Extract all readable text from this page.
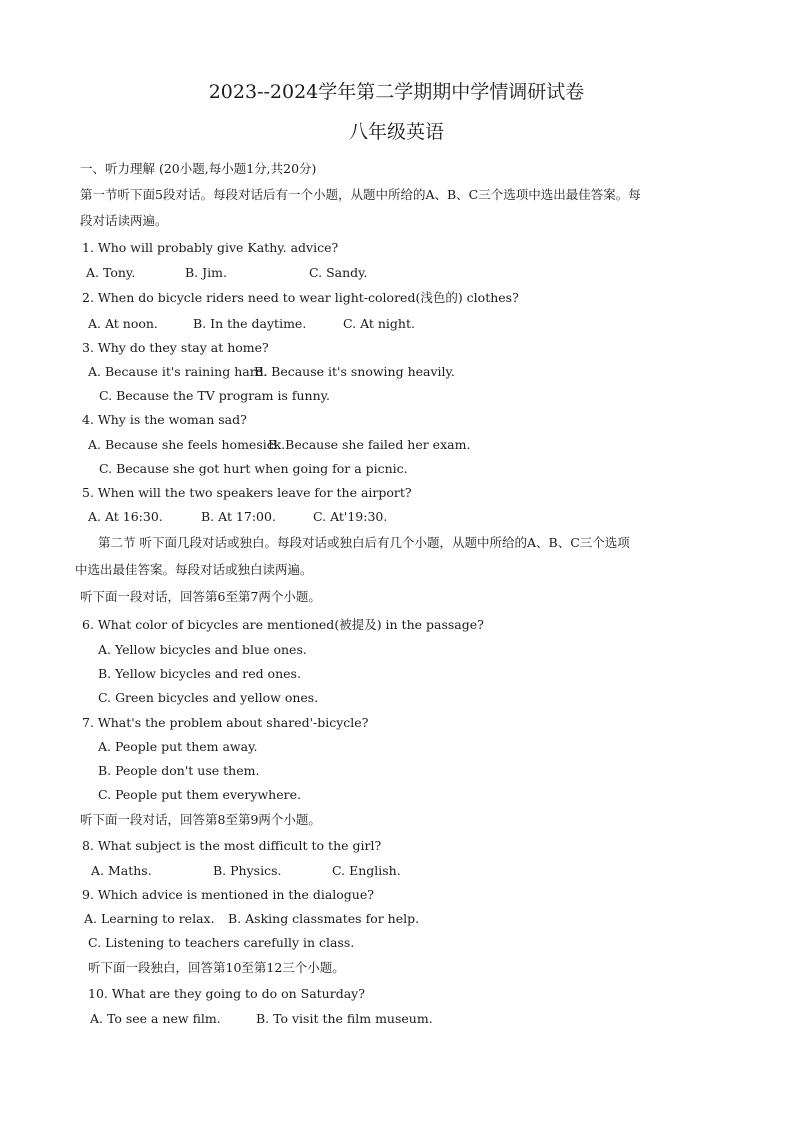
2023--2024学年第二学期期中学情调研试卷
八年级英语
一、听力理解 (20小题,每小题1分,共20分)
第一节听下面5段对话。每段对话后有一个小题，从题中所给的A、B、C三个选项中选出最佳答案。每
段对话读两遍。
1. Who will probably give Kathy. advice?
A. Tony.	B. Jim.	C. Sandy.
2. When do bicycle riders need to wear light-colored(浅色的) clothes?
A. At noon.	B. In the daytime.	C. At night.
3. Why do they stay at home?
A. Because it's raining hard.
B. Because it's snowing heavily.
C. Because the TV program is funny.
4. Why is the woman sad?
A. Because she feels homesick.
B. Because she failed her exam.
C. Because she got hurt when going for a picnic.
5. When will the two speakers leave for the airport?
A. At 16:30.	B. At 17:00.	C. At'19:30.
第二节 听下面几段对话或独白。每段对话或独白后有几个小题，从题中所给的A、B、C三个选项
中选出最佳答案。每段对话或独白读两遍。
听下面一段对话，回答第6至第7两个小题。
6. What color of bicycles are mentioned(被提及) in the passage?
A. Yellow bicycles and blue ones.
B. Yellow bicycles and red ones.
C. Green bicycles and yellow ones.
7. What's the problem about shared'-bicycle?
A. People put them away.
B. People don't use them.
C. People put them everywhere.
听下面一段对话，回答第8至第9两个小题。
8. What subject is the most difficult to the girl?
A. Maths.	B. Physics.	C. English.
9. Which advice is mentioned in the dialogue?
A. Learning to relax. B. Asking classmates for help.
C. Listening to teachers carefully in class.
听下面一段独白，回答第10至第12三个小题。
10. What are they going to do on Saturday?
A. To see a new film.	B. To visit the film museum.
